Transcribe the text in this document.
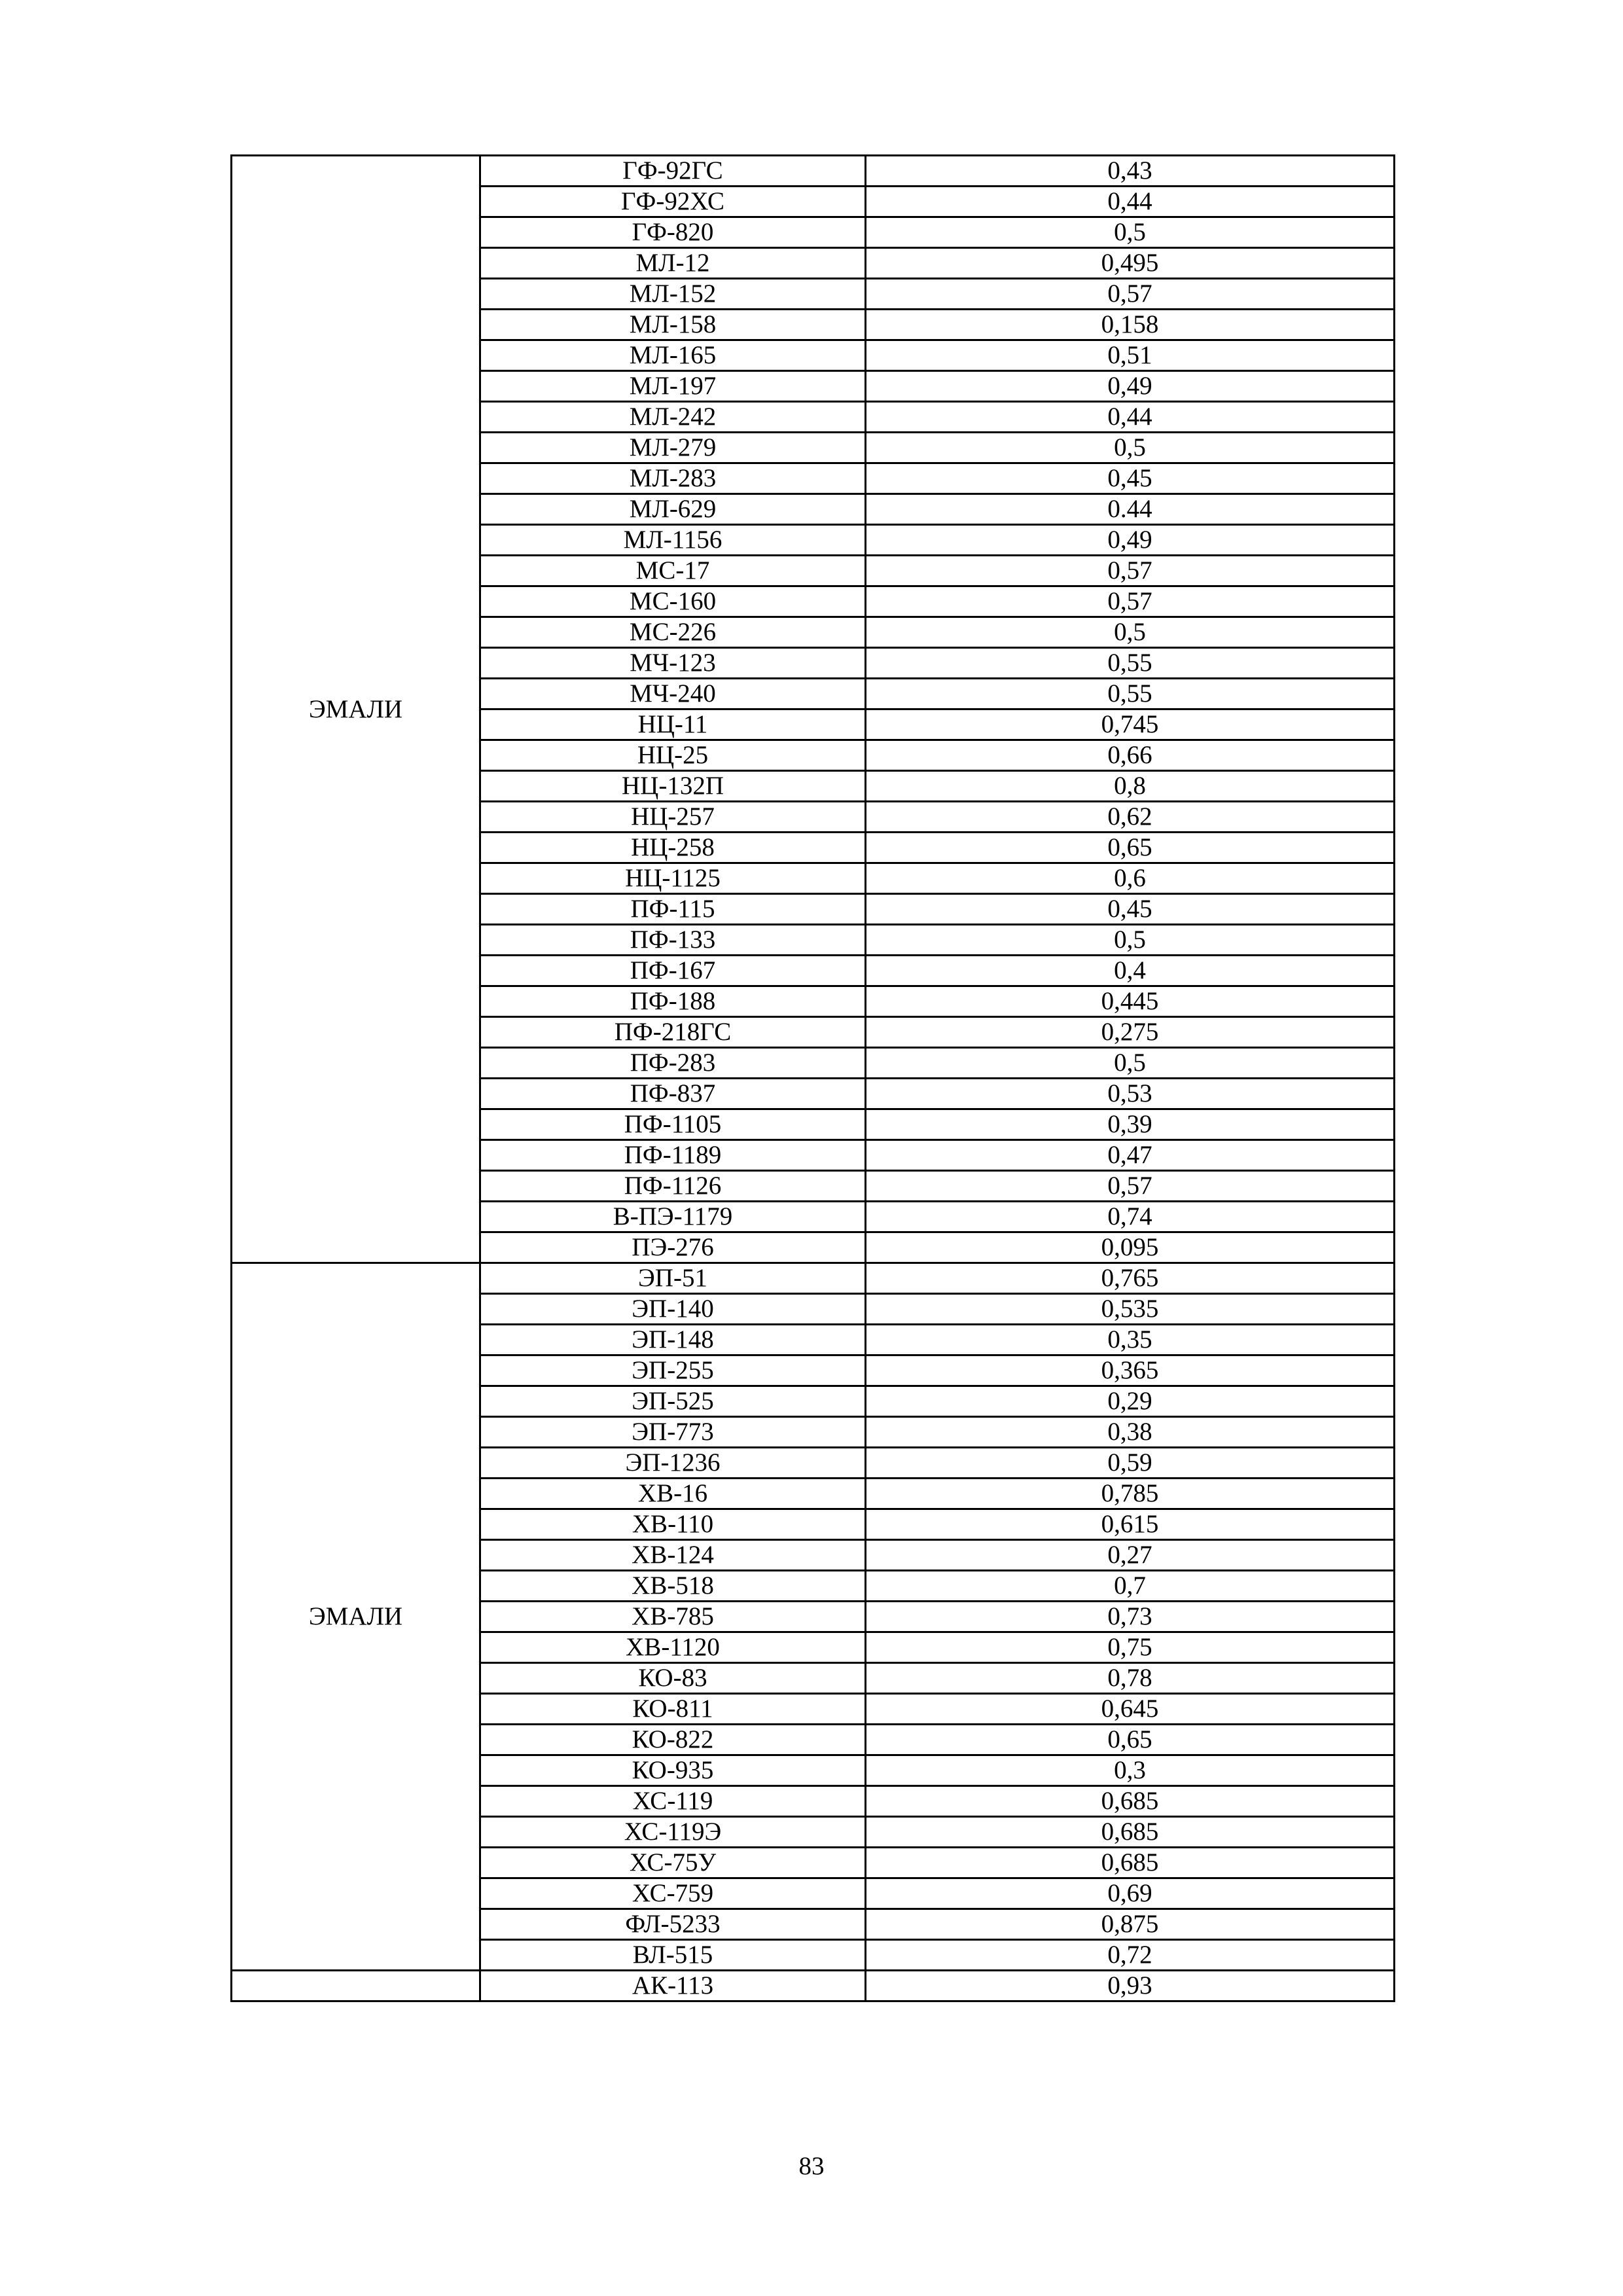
ЭМАЛИ	ГФ-92ГС	0,43
	ГФ-92ХС	0,44
	ГФ-820	0,5
	МЛ-12	0,495
	МЛ-152	0,57
	МЛ-158	0,158
	МЛ-165	0,51
	МЛ-197	0,49
	МЛ-242	0,44
	МЛ-279	0,5
	МЛ-283	0,45
	МЛ-629	0.44
	МЛ-1156	0,49
	МС-17	0,57
	МС-160	0,57
	МС-226	0,5
	МЧ-123	0,55
	МЧ-240	0,55
	НЦ-11	0,745
	НЦ-25	0,66
	НЦ-132П	0,8
	НЦ-257	0,62
	НЦ-258	0,65
	НЦ-1125	0,6
	ПФ-115	0,45
	ПФ-133	0,5
	ПФ-167	0,4
	ПФ-188	0,445
	ПФ-218ГС	0,275
	ПФ-283	0,5
	ПФ-837	0,53
	ПФ-1105	0,39
	ПФ-1189	0,47
	ПФ-1126	0,57
	В-ПЭ-1179	0,74
	ПЭ-276	0,095
ЭМАЛИ	ЭП-51	0,765
	ЭП-140	0,535
	ЭП-148	0,35
	ЭП-255	0,365
	ЭП-525	0,29
	ЭП-773	0,38
	ЭП-1236	0,59
	ХВ-16	0,785
	ХВ-110	0,615
	ХВ-124	0,27
	ХВ-518	0,7
	ХВ-785	0,73
	ХВ-1120	0,75
	КО-83	0,78
	КО-811	0,645
	КО-822	0,65
	КО-935	0,3
	ХС-119	0,685
	ХС-119Э	0,685
	ХС-75У	0,685
	ХС-759	0,69
	ФЛ-5233	0,875
	ВЛ-515	0,72
	АК-113	0,93
83
